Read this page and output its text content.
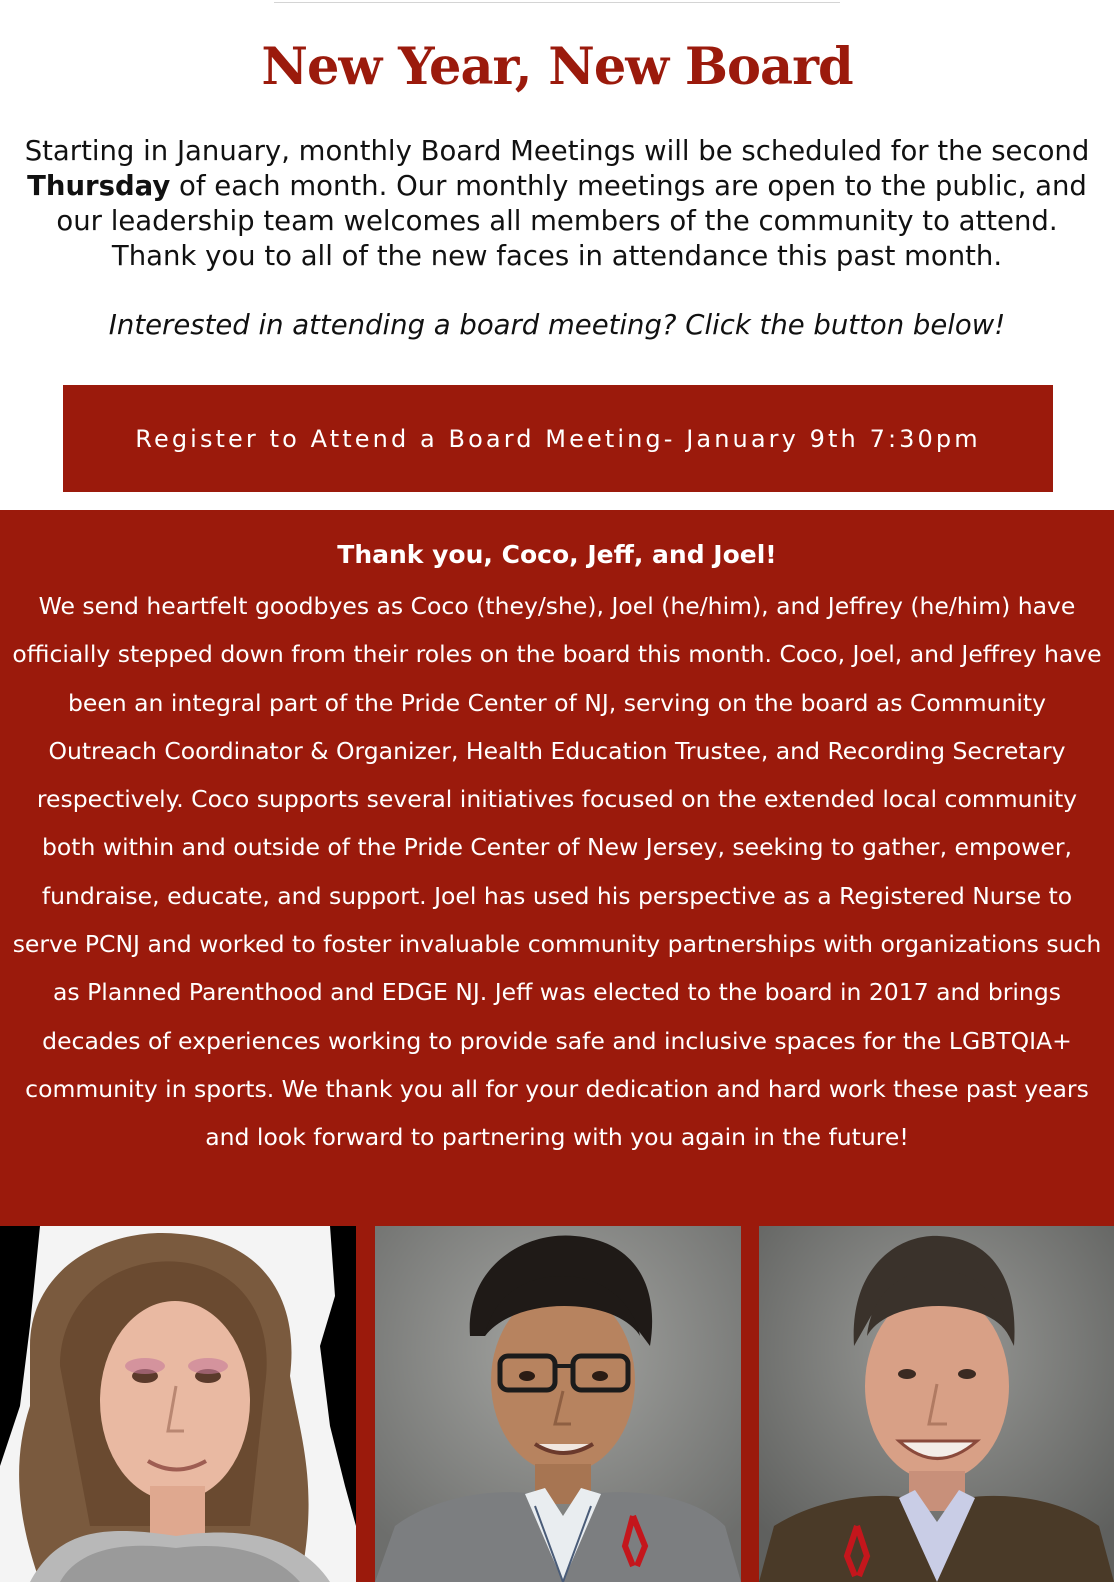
New Year, New Board

Starting in January, monthly Board Meetings will be scheduled for the second Thursday of each month. Our monthly meetings are open to the public, and our leadership team welcomes all members of the community to attend. Thank you to all of the new faces in attendance this past month.

Interested in attending a board meeting? Click the button below!

Register to Attend a Board Meeting- January 9th 7:30pm

Thank you, Coco, Jeff, and Joel!

We send heartfelt goodbyes as Coco (they/she), Joel (he/him), and Jeffrey (he/him) have officially stepped down from their roles on the board this month. Coco, Joel, and Jeffrey have been an integral part of the Pride Center of NJ, serving on the board as Community Outreach Coordinator & Organizer, Health Education Trustee, and Recording Secretary respectively. Coco supports several initiatives focused on the extended local community both within and outside of the Pride Center of New Jersey, seeking to gather, empower, fundraise, educate, and support. Joel has used his perspective as a Registered Nurse to serve PCNJ and worked to foster invaluable community partnerships with organizations such as Planned Parenthood and EDGE NJ. Jeff was elected to the board in 2017 and brings decades of experiences working to provide safe and inclusive spaces for the LGBTQIA+ community in sports. We thank you all for your dedication and hard work these past years and look forward to partnering with you again in the future!
